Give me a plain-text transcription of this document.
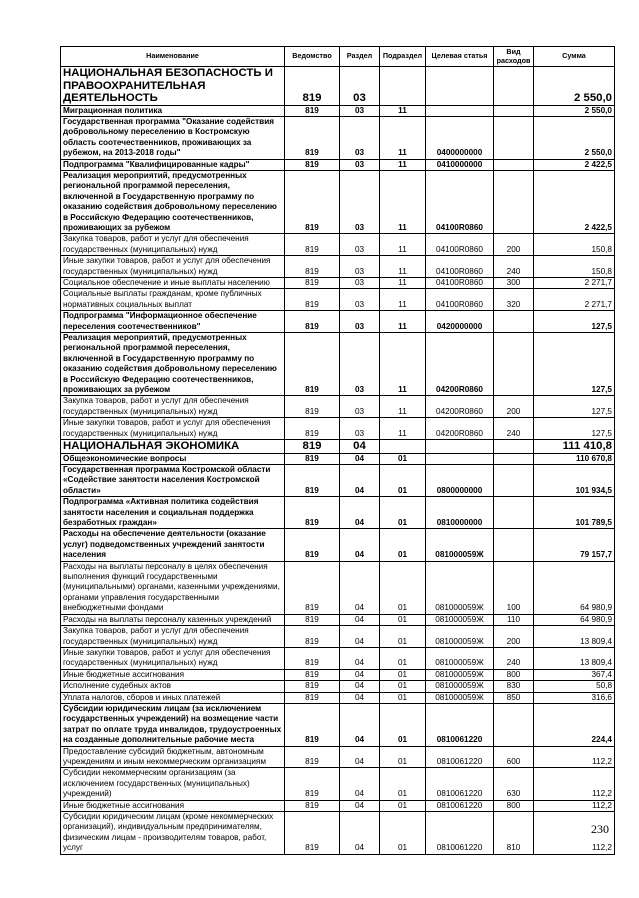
Наименование	Ведомство	Раздел	Подраздел	Целевая статья	Вид расходов	Сумма
НАЦИОНАЛЬНАЯ БЕЗОПАСНОСТЬ И ПРАВООХРАНИТЕЛЬНАЯ ДЕЯТЕЛЬНОСТЬ	819	03				2 550,0
Миграционная политика	819	03	11			2 550,0
Государственная программа "Оказание содействия добровольному переселению в Костромскую область соотечественников, проживающих за рубежом, на 2013-2018 годы"	819	03	11	0400000000		2 550,0
Подпрограмма "Квалифицированные кадры"	819	03	11	0410000000		2 422,5
Реализация мероприятий, предусмотренных региональной программой переселения, включенной в Государственную программу по оказанию содействия добровольному переселению в Российскую Федерацию соотечественников, проживающих за рубежом	819	03	11	04100R0860		2 422,5
Закупка товаров, работ и услуг для обеспечения государственных (муниципальных) нужд	819	03	11	04100R0860	200	150,8
Иные закупки товаров, работ и услуг для обеспечения государственных (муниципальных) нужд	819	03	11	04100R0860	240	150,8
Социальное обеспечение и иные выплаты населению	819	03	11	04100R0860	300	2 271,7
Социальные выплаты гражданам, кроме публичных нормативных социальных выплат	819	03	11	04100R0860	320	2 271,7
Подпрограмма "Информационное обеспечение переселения соотечественников"	819	03	11	0420000000		127,5
Реализация мероприятий, предусмотренных региональной программой переселения, включенной в Государственную программу по оказанию содействия добровольному переселению в Российскую Федерацию соотечественников, проживающих за рубежом	819	03	11	04200R0860		127,5
Закупка товаров, работ и услуг для обеспечения государственных (муниципальных) нужд	819	03	11	04200R0860	200	127,5
Иные закупки товаров, работ и услуг для обеспечения государственных (муниципальных) нужд	819	03	11	04200R0860	240	127,5
НАЦИОНАЛЬНАЯ ЭКОНОМИКА	819	04				111 410,8
Общеэкономические вопросы	819	04	01			110 670,8
Государственная программа Костромской области «Содействие занятости населения Костромской области»	819	04	01	0800000000		101 934,5
Подпрограмма «Активная политика содействия занятости населения и социальная поддержка безработных граждан»	819	04	01	0810000000		101 789,5
Расходы на обеспечение деятельности (оказание услуг) подведомственных учреждений занятости населения	819	04	01	081000059Ж		79 157,7
Расходы на выплаты персоналу в целях обеспечения выполнения функций государственными (муниципальными) органами, казенными учреждениями, органами управления государственными внебюджетными фондами	819	04	01	081000059Ж	100	64 980,9
Расходы на выплаты персоналу казенных учреждений	819	04	01	081000059Ж	110	64 980,9
Закупка товаров, работ и услуг для обеспечения государственных (муниципальных) нужд	819	04	01	081000059Ж	200	13 809,4
Иные закупки товаров, работ и услуг для обеспечения государственных (муниципальных) нужд	819	04	01	081000059Ж	240	13 809,4
Иные бюджетные ассигнования	819	04	01	081000059Ж	800	367,4
Исполнение судебных актов	819	04	01	081000059Ж	830	50,8
Уплата налогов, сборов и иных платежей	819	04	01	081000059Ж	850	316,6
Субсидии юридическим лицам (за исключением государственных учреждений) на возмещение части затрат по оплате труда инвалидов, трудоустроенных на созданные дополнительные рабочие места	819	04	01	0810061220		224,4
Предоставление субсидий бюджетным, автономным учреждениям и иным некоммерческим организациям	819	04	01	0810061220	600	112,2
Субсидии некоммерческим организациям (за исключением государственных (муниципальных) учреждений)	819	04	01	0810061220	630	112,2
Иные бюджетные ассигнования	819	04	01	0810061220	800	112,2
Субсидии юридическим лицам (кроме некоммерческих организаций), индивидуальным предпринимателям, физическим лицам - производителям товаров, работ, услуг	819	04	01	0810061220	810	112,2
230
